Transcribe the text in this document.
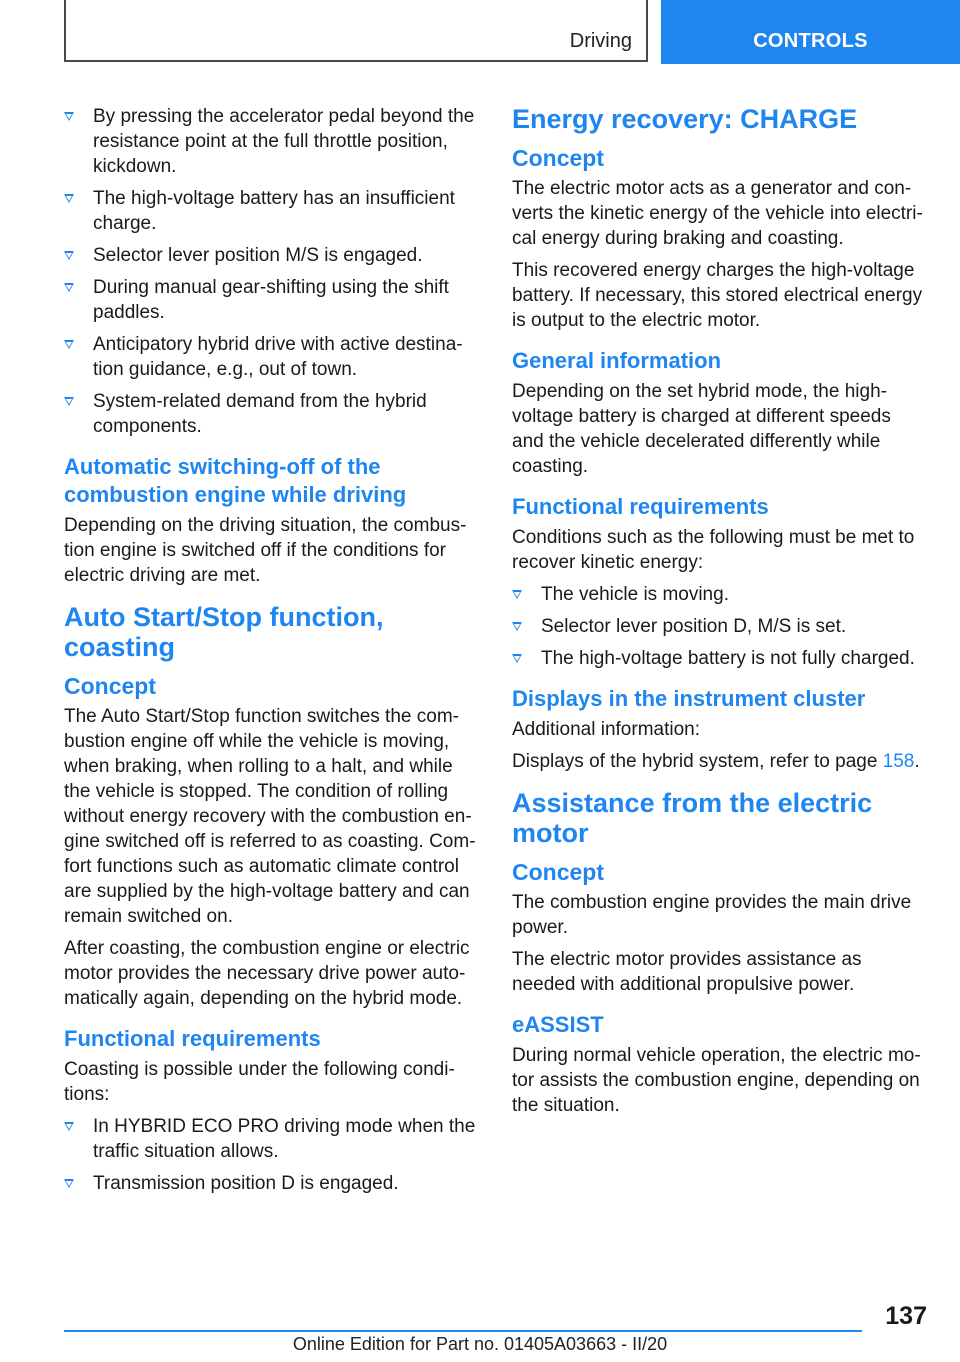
Driving	CONTROLS
By pressing the accelerator pedal beyond the resistance point at the full throttle position, kickdown.
The high-voltage battery has an insufficient charge.
Selector lever position M/S is engaged.
During manual gear-shifting using the shift paddles.
Anticipatory hybrid drive with active destination guidance, e.g., out of town.
System-related demand from the hybrid components.
Automatic switching-off of the combustion engine while driving

Depending on the driving situation, the combustion engine is switched off if the conditions for electric driving are met.

Auto Start/Stop function, coasting
Concept

The Auto Start/Stop function switches the combustion engine off while the vehicle is moving, when braking, when rolling to a halt, and while the vehicle is stopped. The condition of rolling without energy recovery with the combustion engine switched off is referred to as coasting. Comfort functions such as automatic climate control are supplied by the high-voltage battery and can remain switched on.

After coasting, the combustion engine or electric motor provides the necessary drive power automatically again, depending on the hybrid mode.

Functional requirements

Coasting is possible under the following conditions:

In HYBRID ECO PRO driving mode when the traffic situation allows.
Transmission position D is engaged.
Energy recovery: CHARGE
Concept

The electric motor acts as a generator and converts the kinetic energy of the vehicle into electrical energy during braking and coasting.

This recovered energy charges the high-voltage battery. If necessary, this stored electrical energy is output to the electric motor.

General information

Depending on the set hybrid mode, the high-voltage battery is charged at different speeds and the vehicle decelerated differently while coasting.

Functional requirements

Conditions such as the following must be met to recover kinetic energy:

The vehicle is moving.
Selector lever position D, M/S is set.
The high-voltage battery is not fully charged.
Displays in the instrument cluster

Additional information:

Displays of the hybrid system, refer to page 158.

Assistance from the electric motor
Concept

The combustion engine provides the main drive power.

The electric motor provides assistance as needed with additional propulsive power.

eASSIST

During normal vehicle operation, the electric motor assists the combustion engine, depending on the situation.

137
Online Edition for Part no. 01405A03663 - II/20
